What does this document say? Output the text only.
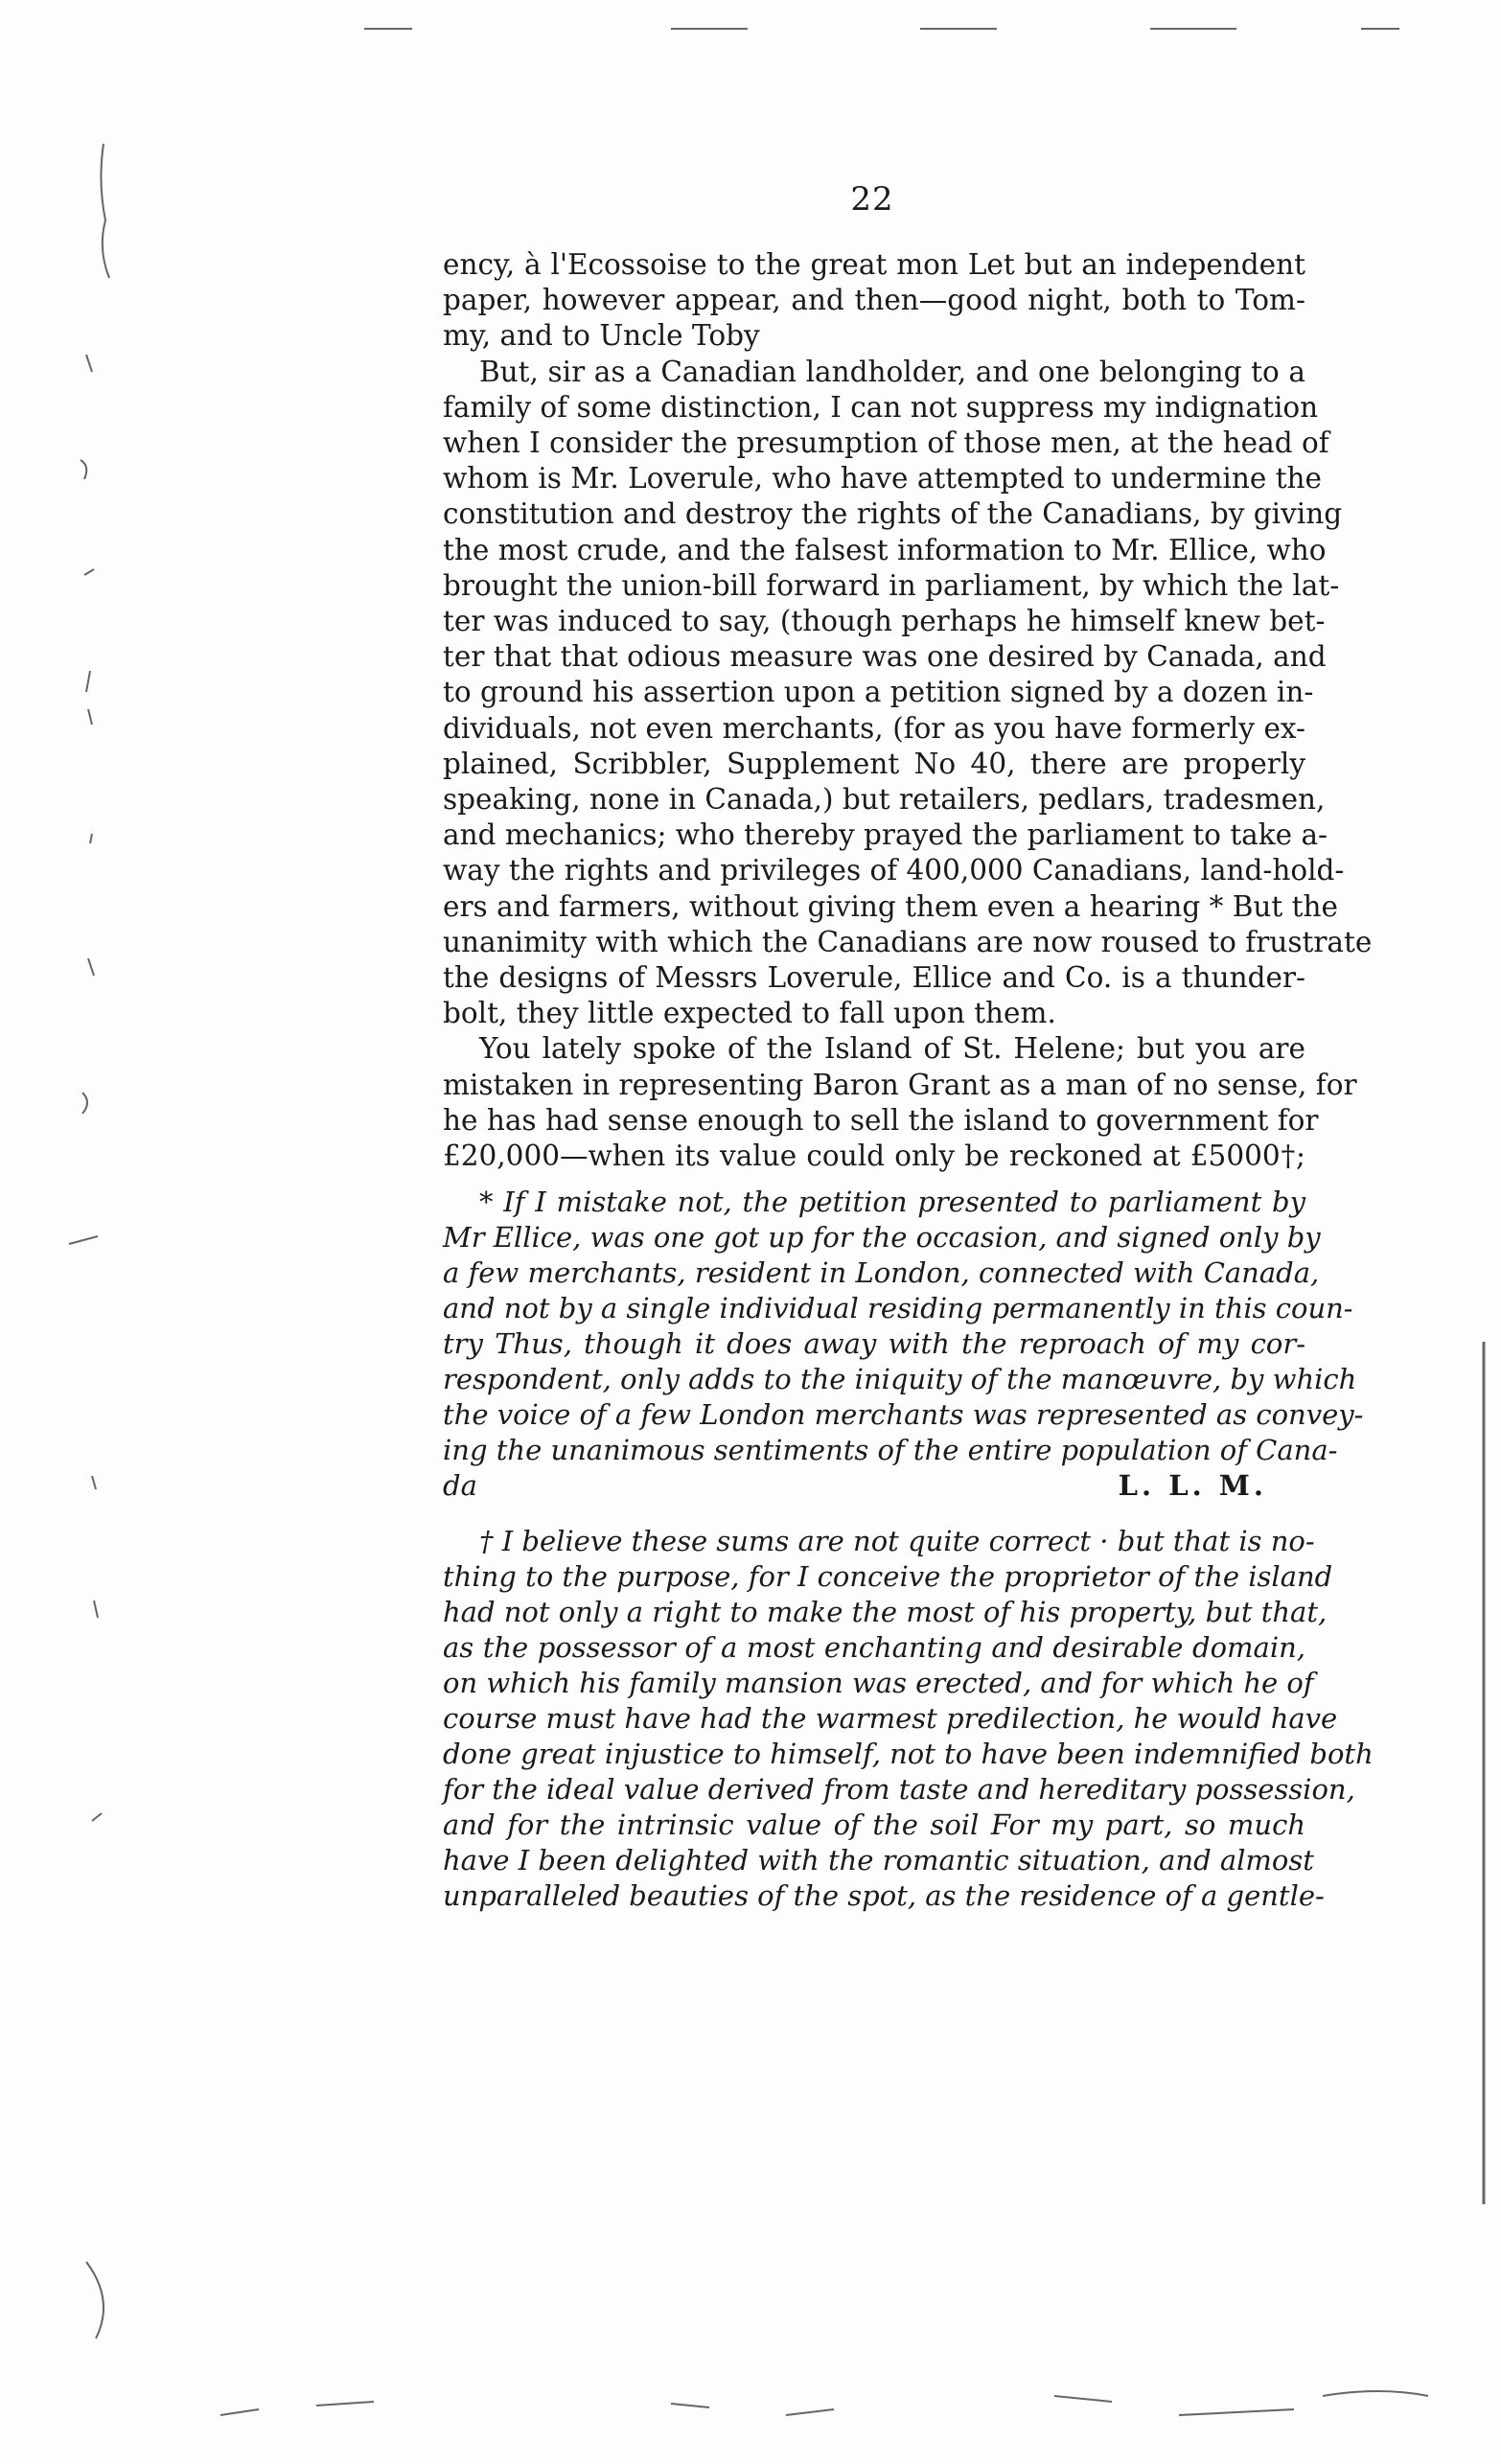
22
ency, à l'Ecossoise to the great mon Let but an independent
paper, however appear, and then—good night, both to Tom-
my, and to Uncle Toby
But, sir as a Canadian landholder, and one belonging to a
family of some distinction, I can not suppress my indignation
when I consider the presumption of those men, at the head of
whom is Mr. Loverule, who have attempted to undermine the
constitution and destroy the rights of the Canadians, by giving
the most crude, and the falsest information to Mr. Ellice, who
brought the union-bill forward in parliament, by which the lat-
ter was induced to say, (though perhaps he himself knew bet-
ter that that odious measure was one desired by Canada, and
to ground his assertion upon a petition signed by a dozen in-
dividuals, not even merchants, (for as you have formerly ex-
plained, Scribbler, Supplement No 40, there are properly
speaking, none in Canada,) but retailers, pedlars, tradesmen,
and mechanics; who thereby prayed the parliament to take a-
way the rights and privileges of 400,000 Canadians, land-hold-
ers and farmers, without giving them even a hearing * But the
unanimity with which the Canadians are now roused to frustrate
the designs of Messrs Loverule, Ellice and Co. is a thunder-
bolt, they little expected to fall upon them.
You lately spoke of the Island of St. Helene; but you are
mistaken in representing Baron Grant as a man of no sense, for
he has had sense enough to sell the island to government for
£20,000—when its value could only be reckoned at £5000†;
* If I mistake not, the petition presented to parliament by
Mr Ellice, was one got up for the occasion, and signed only by
a few merchants, resident in London, connected with Canada,
and not by a single individual residing permanently in this coun-
try Thus, though it does away with the reproach of my cor-
respondent, only adds to the iniquity of the manœuvre, by which
the voice of a few London merchants was represented as convey-
ing the unanimous sentiments of the entire population of Cana-
da	L. L. M.
† I believe these sums are not quite correct · but that is no-
thing to the purpose, for I conceive the proprietor of the island
had not only a right to make the most of his property, but that,
as the possessor of a most enchanting and desirable domain,
on which his family mansion was erected, and for which he of
course must have had the warmest predilection, he would have
done great injustice to himself, not to have been indemnified both
for the ideal value derived from taste and hereditary possession,
and for the intrinsic value of the soil For my part, so much
have I been delighted with the romantic situation, and almost
unparalleled beauties of the spot, as the residence of a gentle-
